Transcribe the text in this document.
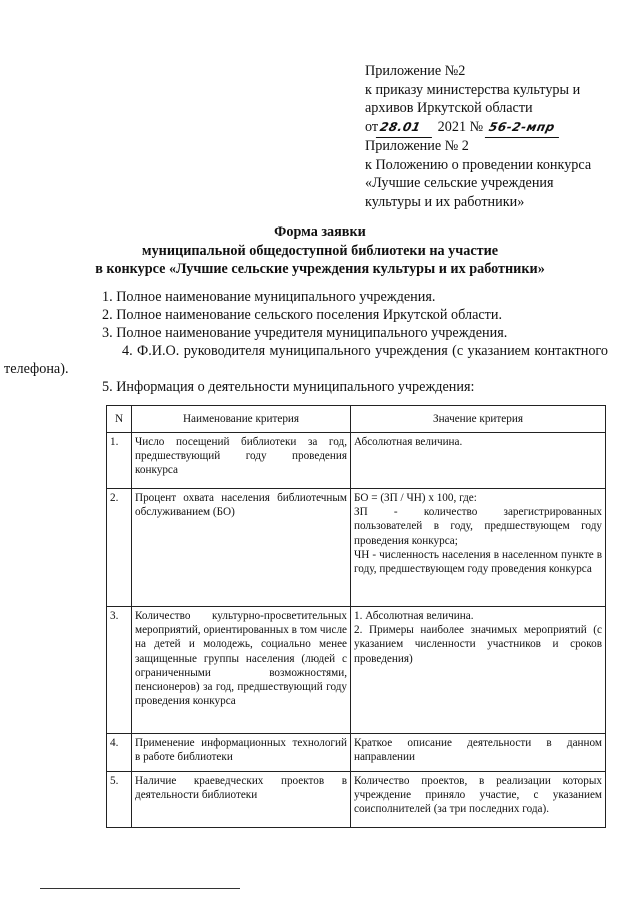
Приложение №2
к приказу министерства культуры и
архивов Иркутской области
от28.01 2021 № 56-2-мпр
Приложение № 2
к Положению о проведении конкурса
«Лучшие сельские учреждения
культуры и их работники»
Форма заявки
муниципальной общедоступной библиотеки на участие
в конкурсе «Лучшие сельские учреждения культуры и их работники»

1. Полное наименование муниципального учреждения.

2. Полное наименование сельского поселения Иркутской области.

3. Полное наименование учредителя муниципального учреждения.

4. Ф.И.О. руководителя муниципального учреждения (с указанием контактного телефона).

5. Информация о деятельности муниципального учреждения:

N	Наименование критерия	Значение критерия
1.	Число посещений библиотеки за год, предшествующий году проведения конкурса	Абсолютная величина.

2.	Процент охвата населения библиотечным обслуживанием (БО)	БО = (ЗП / ЧН) x 100, где:
ЗП - количество зарегистрированных пользователей в году, предшествующем году проведения конкурса;
ЧН - численность населения в населенном пункте в году, предшествующем году проведения конкурса

3.	Количество культурно-просветительных мероприятий, ориентированных в том числе на детей и молодежь, социально менее защищенные группы населения (людей с ограниченными возможностями, пенсионеров) за год, предшествующий году проведения конкурса	1. Абсолютная величина.
2. Примеры наиболее значимых мероприятий (с указанием численности участников и сроков проведения)

4.	Применение информационных технологий в работе библиотеки	Краткое описание деятельности в данном направлении

5.	Наличие краеведческих проектов в деятельности библиотеки	Количество проектов, в реализации которых учреждение приняло участие, с указанием соисполнителей (за три последних года).
